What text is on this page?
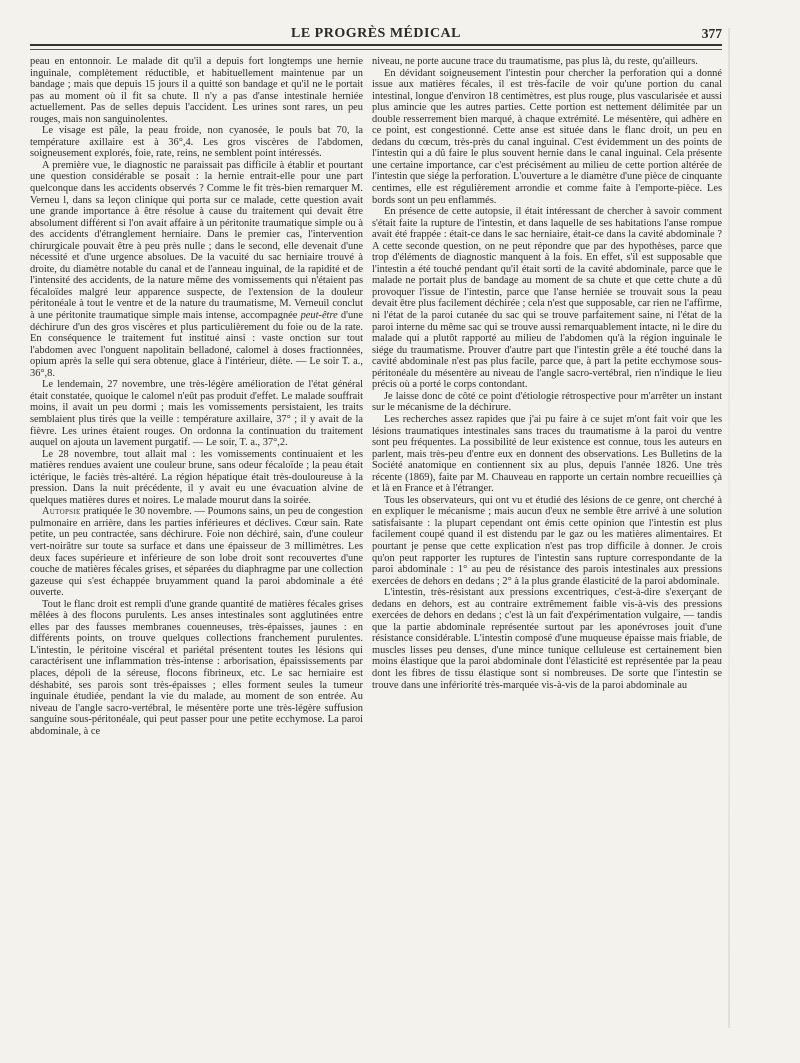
LE PROGRÈS MÉDICAL	377

peau en entonnoir. Le malade dit qu'il a depuis fort longtemps une hernie inguinale, complètement réductible, et habituellement maintenue par un bandage ; mais que depuis 15 jours il a quitté son bandage et qu'il ne le portait pas au moment où il fit sa chute. Il n'y a pas d'anse intestinale herniée actuellement. Pas de selles depuis l'accident. Les urines sont rares, un peu rouges, mais non sanguinolentes.

Le visage est pâle, la peau froide, non cyanosée, le pouls bat 70, la température axillaire est à 36°,4. Les gros viscères de l'abdomen, soigneusement explorés, foie, rate, reins, ne semblent point intéressés.

A première vue, le diagnostic ne paraissait pas difficile à établir et pourtant une question considérable se posait : la hernie entrait-elle pour une part quelconque dans les accidents observés ? Comme le fit très-bien remarquer M. Verneu l, dans sa leçon clinique qui porta sur ce malade, cette question avait une grande importance à être résolue à cause du traitement qui devait être absolument différent si l'on avait affaire à un péritonite traumatique simple ou à des accidents d'étranglement herniaire. Dans le premier cas, l'intervention chirurgicale pouvait être à peu près nulle ; dans le second, elle devenait d'une nécessité et d'une urgence absolues. De la vacuité du sac herniaire trouvé à droite, du diamètre notable du canal et de l'anneau inguinal, de la rapidité et de l'intensité des accidents, de la nature même des vomissements qui n'étaient pas fécaloïdes malgré leur apparence suspecte, de l'extension de la douleur péritonéale à tout le ventre et de la nature du traumatisme, M. Verneuil conclut à une péritonite traumatique simple mais intense, accompagnée peut-être d'une déchirure d'un des gros viscères et plus particulièrement du foie ou de la rate. En conséquence le traitement fut institué ainsi : vaste onction sur tout l'abdomen avec l'onguent napolitain belladoné, calomel à doses fractionnées, opium après la selle qui sera obtenue, glace à l'intérieur, diète. — Le soir T. a., 36°,8.

Le lendemain, 27 novembre, une très-légère amélioration de l'état général était constatée, quoique le calomel n'eût pas produit d'effet. Le malade souffrait moins, il avait un peu dormi ; mais les vomissements persistaient, les traits semblaient plus tirés que la veille : température axillaire, 37° ; il y avait de la fièvre. Les urines étaient rouges. On ordonna la continuation du traitement auquel on ajouta un lavement purgatif. — Le soir, T. a., 37°,2.

Le 28 novembre, tout allait mal : les vomissements continuaient et les matières rendues avaient une couleur brune, sans odeur fécaloïde ; la peau était ictérique, le faciès très-altéré. La région hépatique était très-douloureuse à la pression. Dans la nuit précédente, il y avait eu une évacuation alvine de quelques matières dures et noires. Le malade mourut dans la soirée.

Autopsie pratiquée le 30 novembre. — Poumons sains, un peu de congestion pulmonaire en arrière, dans les parties inférieures et déclives. Cœur sain. Rate petite, un peu contractée, sans déchirure. Foie non déchiré, sain, d'une couleur vert-noirâtre sur toute sa surface et dans une épaisseur de 3 millimètres. Les deux faces supérieure et inférieure de son lobe droit sont recouvertes d'une couche de matières fécales grises, et séparées du diaphragme par une collection gazeuse qui s'est échappée bruyamment quand la paroi abdominale a été ouverte.

Tout le flanc droit est rempli d'une grande quantité de matières fécales grises mêlées à des flocons purulents. Les anses intestinales sont agglutinées entre elles par des fausses membranes couenneuses, très-épaisses, jaunes : en différents points, on trouve quelques collections franchement purulentes. L'intestin, le péritoine viscéral et pariétal présentent toutes les lésions qui caractérisent une inflammation très-intense : arborisation, épaississements par places, dépoli de la séreuse, flocons fibrineux, etc. Le sac herniaire est déshabité, ses parois sont très-épaisses ; elles forment seules la tumeur inguinale étudiée, pendant la vie du malade, au moment de son entrée. Au niveau de l'angle sacro-vertébral, le mésentère porte une très-légère suffusion sanguine sous-péritonéale, qui peut passer pour une petite ecchymose. La paroi abdominale, à ce

niveau, ne porte aucune trace du traumatisme, pas plus là, du reste, qu'ailleurs.

En dévidant soigneusement l'intestin pour chercher la perforation qui a donné issue aux matières fécales, il est très-facile de voir qu'une portion du canal intestinal, longue d'environ 18 centimètres, est plus rouge, plus vascularisée et aussi plus amincie que les autres parties. Cette portion est nettement délimitée par un double resserrement bien marqué, à chaque extrémité. Le mésentère, qui adhère en ce point, est congestionné. Cette anse est située dans le flanc droit, un peu en dedans du cœcum, très-près du canal inguinal. C'est évidemment un des points de l'intestin qui a dû faire le plus souvent hernie dans le canal inguinal. Cela présente une certaine importance, car c'est précisément au milieu de cette portion altérée de l'intestin que siége la perforation. L'ouverture a le diamètre d'une pièce de cinquante centimes, elle est régulièrement arrondie et comme faite à l'emporte-pièce. Les bords sont un peu enflammés.

En présence de cette autopsie, il était intéressant de chercher à savoir comment s'était faite la rupture de l'intestin, et dans laquelle de ses habitations l'anse rompue avait été frappée : était-ce dans le sac herniaire, était-ce dans la cavité abdominale ? A cette seconde question, on ne peut répondre que par des hypothèses, parce que trop d'éléments de diagnostic manquent à la fois. En effet, s'il est supposable que l'intestin a été touché pendant qu'il était sorti de la cavité abdominale, parce que le malade ne portait plus de bandage au moment de sa chute et que cette chute a dû provoquer l'issue de l'intestin, parce que l'anse herniée se trouvait sous la peau devait être plus facilement déchirée ; cela n'est que supposable, car rien ne l'affirme, ni l'état de la paroi cutanée du sac qui se trouve parfaitement saine, ni l'état de la paroi interne du même sac qui se trouve aussi remarquablement intacte, ni le dire du malade qui a plutôt rapporté au milieu de l'abdomen qu'à la région inguinale le siége du traumatisme. Prouver d'autre part que l'intestin grêle a été touché dans la cavité abdominale n'est pas plus facile, parce que, à part la petite ecchymose sous-péritonéale du mésentère au niveau de l'angle sacro-vertébral, rien n'indique le lieu précis où a porté le corps contondant.

Je laisse donc de côté ce point d'étiologie rétrospective pour m'arrêter un instant sur le mécanisme de la déchirure.

Les recherches assez rapides que j'ai pu faire à ce sujet m'ont fait voir que les lésions traumatiques intestinales sans traces du traumatisme à la paroi du ventre sont peu fréquentes. La possibilité de leur existence est connue, tous les auteurs en parlent, mais très-peu d'entre eux en donnent des observations. Les Bulletins de la Société anatomique en contiennent six au plus, depuis l'année 1826. Une très récente (1869), faite par M. Chauveau en rapporte un certain nombre recueillies çà et là en France et à l'étranger.

Tous les observateurs, qui ont vu et étudié des lésions de ce genre, ont cherché à en expliquer le mécanisme ; mais aucun d'eux ne semble être arrivé à une solution satisfaisante : la plupart cependant ont émis cette opinion que l'intestin est plus facilement coupé quand il est distendu par le gaz ou les matières alimentaires. Et pourtant je pense que cette explication n'est pas trop difficile à donner. Je crois qu'on peut rapporter les ruptures de l'intestin sans rupture correspondante de la paroi abdominale : 1° au peu de résistance des parois intestinales aux pressions exercées de dehors en dedans ; 2° à la plus grande élasticité de la paroi abdominale.

L'intestin, très-résistant aux pressions excentriques, c'est-à-dire s'exerçant de dedans en dehors, est au contraire extrêmement faible vis-à-vis des pressions exercées de dehors en dedans ; c'est là un fait d'expérimentation vulgaire, — tandis que la partie abdominale représentée surtout par les aponévroses jouit d'une résistance considérable. L'intestin composé d'une muqueuse épaisse mais friable, de muscles lisses peu denses, d'une mince tunique celluleuse est certainement bien moins élastique que la paroi abdominale dont l'élasticité est représentée par la peau dont les fibres de tissu élastique sont si nombreuses. De sorte que l'intestin se trouve dans une infériorité très-marquée vis-à-vis de la paroi abdominale au
